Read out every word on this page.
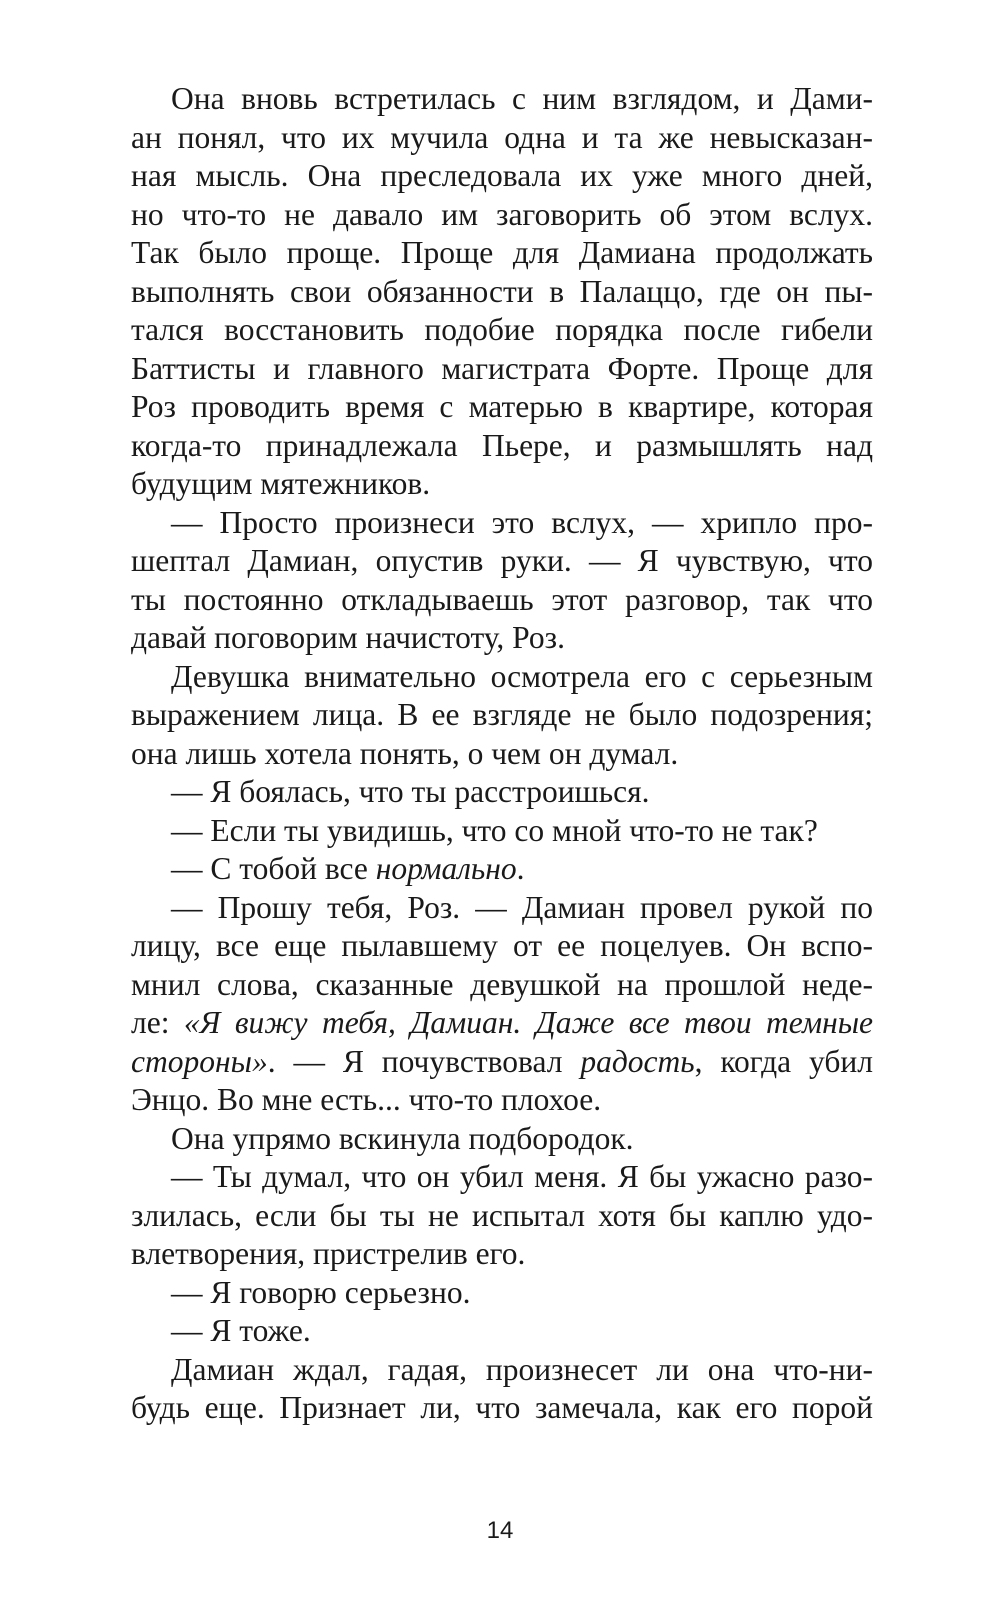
Она вновь встретилась с ним взглядом, и Дами-
ан понял, что их мучила одна и та же невысказан-
ная мысль. Она преследовала их уже много дней,
но что-то не давало им заговорить об этом вслух.
Так было проще. Проще для Дамиана продолжать
выполнять свои обязанности в Палаццо, где он пы-
тался восстановить подобие порядка после гибели
Баттисты и главного магистрата Форте. Проще для
Роз проводить время с матерью в квартире, которая
когда-то принадлежала Пьере, и размышлять над
будущим мятежников.
— Просто произнеси это вслух, — хрипло про-
шептал Дамиан, опустив руки. — Я чувствую, что
ты постоянно откладываешь этот разговор, так что
давай поговорим начистоту, Роз.
Девушка внимательно осмотрела его с серьезным
выражением лица. В ее взгляде не было подозрения;
она лишь хотела понять, о чем он думал.
— Я боялась, что ты расстроишься.
— Если ты увидишь, что со мной что-то не так?
— С тобой все нормально.
— Прошу тебя, Роз. — Дамиан провел рукой по
лицу, все еще пылавшему от ее поцелуев. Он вспо-
мнил слова, сказанные девушкой на прошлой неде-
ле: «Я вижу тебя, Дамиан. Даже все твои темные
стороны». — Я почувствовал радость, когда убил
Энцо. Во мне есть... что-то плохое.
Она упрямо вскинула подбородок.
— Ты думал, что он убил меня. Я бы ужасно разо-
злилась, если бы ты не испытал хотя бы каплю удо-
влетворения, пристрелив его.
— Я говорю серьезно.
— Я тоже.
Дамиан ждал, гадая, произнесет ли она что-ни-
будь еще. Признает ли, что замечала, как его порой
14
